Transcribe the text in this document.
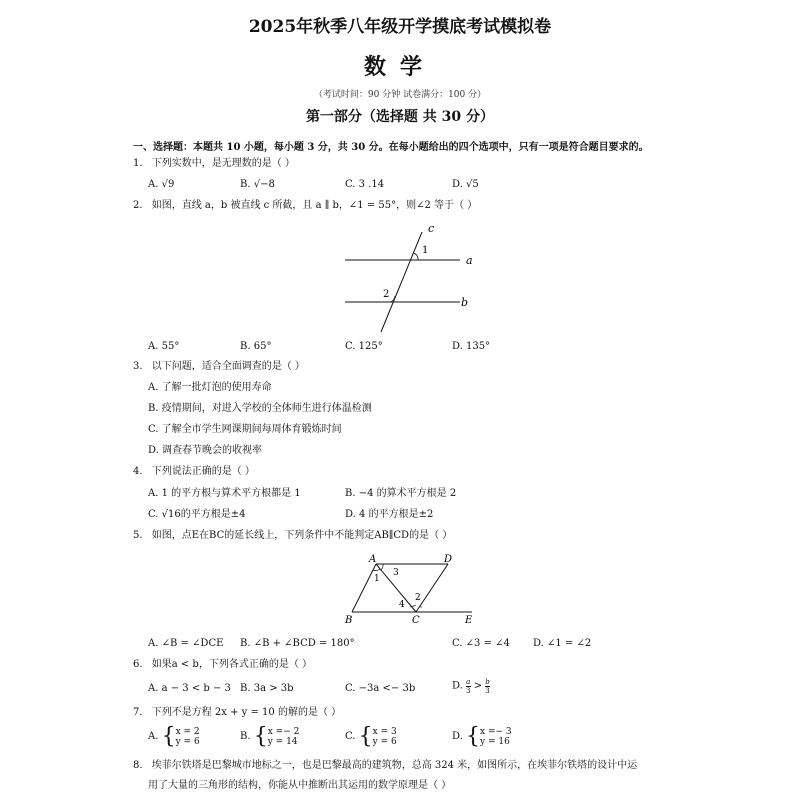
2025年秋季八年级开学摸底考试模拟卷
数学
（考试时间：90 分钟 试卷满分：100 分）
第一部分（选择题 共 30 分）
一、选择题：本题共 10 小题，每小题 3 分，共 30 分。在每小题给出的四个选项中，只有一项是符合题目要求的。
1. 下列实数中，是无理数的是（ ）
A. √9	B. √−8	C. 3 .14	D. √5
2. 如图，直线 a，b 被直线 c 所截，且 a ∥ b，∠1 = 55°，则∠2 等于（ ）
c
a
b
1
2
A. 55°	B. 65°	C. 125°	D. 135°
3. 以下问题，适合全面调查的是（ ）
A. 了解一批灯泡的使用寿命
B. 疫情期间，对进入学校的全体师生进行体温检测
C. 了解全市学生网课期间每周体育锻炼时间
D. 调查春节晚会的收视率
4. 下列说法正确的是（ ）
A. 1 的平方根与算术平方根都是 1	B. −4 的算术平方根是 2
C. √16的平方根是±4	D. 4 的平方根是±2
5. 如图，点E在BC的延长线上，下列条件中不能判定AB∥CD的是（ ）
A	D
B	C	E
1
3
2
4
A. ∠B = ∠DCE B. ∠B + ∠BCD = 180°	C. ∠3 = ∠4 D. ∠1 = ∠2
6. 如果a < b，下列各式正确的是（ ）
A. a − 3 < b − 3 B. 3a > 3b	C. −3a <− 3b	D. $\frac{a}{3} > \frac{b}{3}$
7. 下列不是方程 2x + y = 10 的解的是（ ）
A. { x = 2
y = 6	B. { x =− 2
y = 14	C. { x = 3
y = 6	D. { x =− 3
y = 16
8. 埃菲尔铁塔是巴黎城市地标之一，也是巴黎最高的建筑物，总高 324 米，如图所示，在埃菲尔铁塔的设计中运
用了大量的三角形的结构，你能从中推断出其运用的数学原理是（ ）
